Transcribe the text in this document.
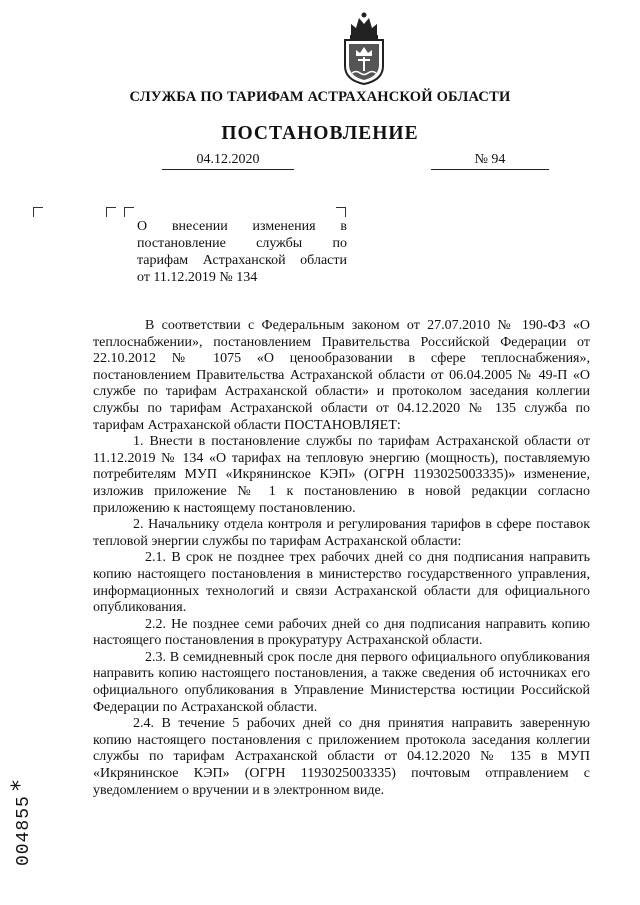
СЛУЖБА ПО ТАРИФАМ АСТРАХАНСКОЙ ОБЛАСТИ
ПОСТАНОВЛЕНИЕ
04.12.2020	№ 94
О внесении изменения в
постановление службы по
тарифам Астраханской области
от 11.12.2019 № 134

В соответствии с Федеральным законом от 27.07.2010 № 190-ФЗ «О теплоснабжении», постановлением Правительства Российской Федерации от 22.10.2012 № 1075 «О ценообразовании в сфере теплоснабжения», постановлением Правительства Астраханской области от 06.04.2005 № 49-П «О службе по тарифам Астраханской области» и протоколом заседания коллегии службы по тарифам Астраханской области от 04.12.2020 № 135 служба по тарифам Астраханской области ПОСТАНОВЛЯЕТ:

1. Внести в постановление службы по тарифам Астраханской области от 11.12.2019 № 134 «О тарифах на тепловую энергию (мощность), поставляемую потребителям МУП «Икрянинское КЭП» (ОГРН 1193025003335)» изменение, изложив приложение № 1 к постановлению в новой редакции согласно приложению к настоящему постановлению.

2. Начальнику отдела контроля и регулирования тарифов в сфере поставок тепловой энергии службы по тарифам Астраханской области:

2.1. В срок не позднее трех рабочих дней со дня подписания направить копию настоящего постановления в министерство государственного управления, информационных технологий и связи Астраханской области для официального опубликования.

2.2. Не позднее семи рабочих дней со дня подписания направить копию настоящего постановления в прокуратуру Астраханской области.

2.3. В семидневный срок после дня первого официального опубликования направить копию настоящего постановления, а также сведения об источниках его официального опубликования в Управление Министерства юстиции Российской Федерации по Астраханской области.

2.4. В течение 5 рабочих дней со дня принятия направить заверенную копию настоящего постановления с приложением протокола заседания коллегии службы по тарифам Астраханской области от 04.12.2020 № 135 в МУП «Икрянинское КЭП» (ОГРН 1193025003335) почтовым отправлением с уведомлением о вручении и в электронном виде.

*
004855
